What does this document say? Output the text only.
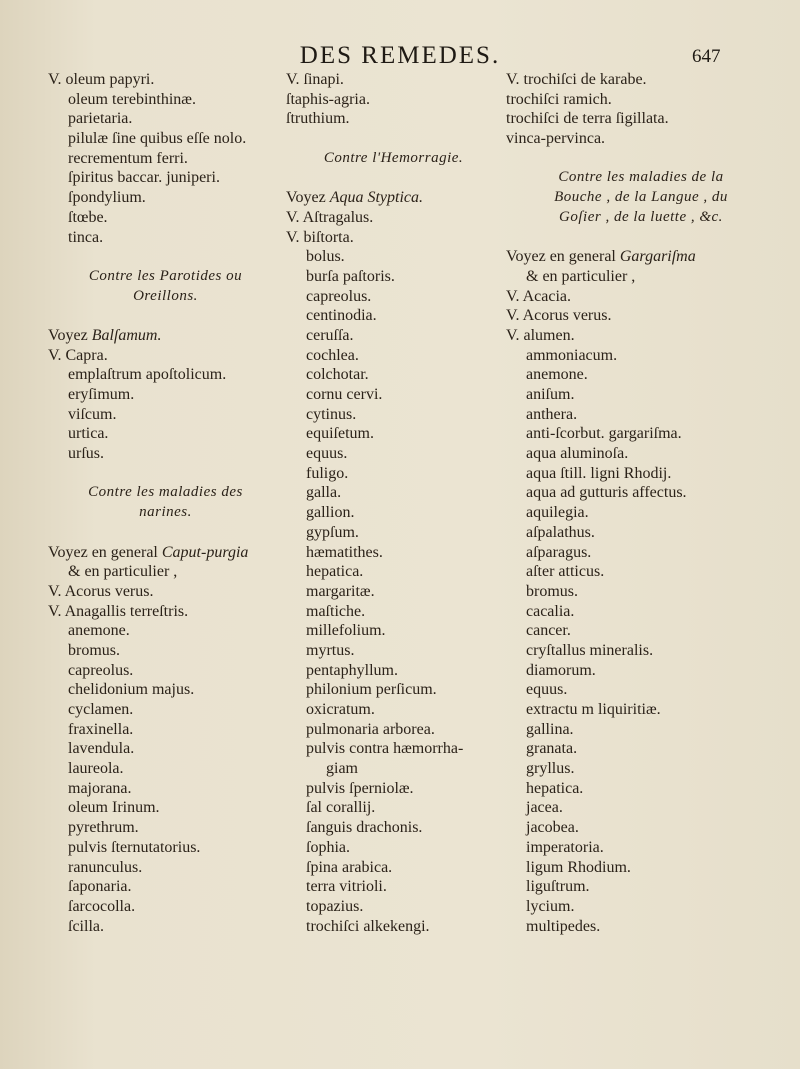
DES REMEDES.	647
V. oleum papyri.
oleum terebinthinæ.
parietaria.
pilulæ ſine quibus eſſe nolo.
recrementum ferri.
ſpiritus baccar. juniperi.
ſpondylium.
ſtœbe.
tinca.
Contre les Parotides ou
Oreillons.
Voyez Balſamum.
V. Capra.
emplaſtrum apoſtolicum.
eryſimum.
viſcum.
urtica.
urſus.
Contre les maladies des
narines.
Voyez en general Caput-purgia
& en particulier ,
V. Acorus verus.
V. Anagallis terreſtris.
anemone.
bromus.
capreolus.
chelidonium majus.
cyclamen.
fraxinella.
lavendula.
laureola.
majorana.
oleum Irinum.
pyrethrum.
pulvis ſternutatorius.
ranunculus.
ſaponaria.
ſarcocolla.
ſcilla.
V. ſinapi.
ſtaphis-agria.
ſtruthium.
Contre l'Hemorragie.
Voyez Aqua Styptica.
V. Aſtragalus.
V. biſtorta.
bolus.
burſa paſtoris.
capreolus.
centinodia.
ceruſſa.
cochlea.
colchotar.
cornu cervi.
cytinus.
equiſetum.
equus.
fuligo.
galla.
gallion.
gypſum.
hæmatithes.
hepatica.
margaritæ.
maſtiche.
millefolium.
myrtus.
pentaphyllum.
philonium perſicum.
oxicratum.
pulmonaria arborea.
pulvis contra hæmorrha-
giam
pulvis ſperniolæ.
ſal corallij.
ſanguis drachonis.
ſophia.
ſpina arabica.
terra vitrioli.
topazius.
trochiſci alkekengi.
V. trochiſci de karabe.
trochiſci ramich.
trochiſci de terra ſigillata.
vinca-pervinca.
Contre les maladies de la
Bouche , de la Langue , du
Goſier , de la luette , &c.
Voyez en general Gargariſma
& en particulier ,
V. Acacia.
V. Acorus verus.
V. alumen.
ammoniacum.
anemone.
aniſum.
anthera.
anti-ſcorbut. gargariſma.
aqua aluminoſa.
aqua ſtill. ligni Rhodij.
aqua ad gutturis affectus.
aquilegia.
aſpalathus.
aſparagus.
aſter atticus.
bromus.
cacalia.
cancer.
cryſtallus mineralis.
diamorum.
equus.
extractu m liquiritiæ.
gallina.
granata.
gryllus.
hepatica.
jacea.
jacobea.
imperatoria.
ligum Rhodium.
liguſtrum.
lycium.
multipedes.
